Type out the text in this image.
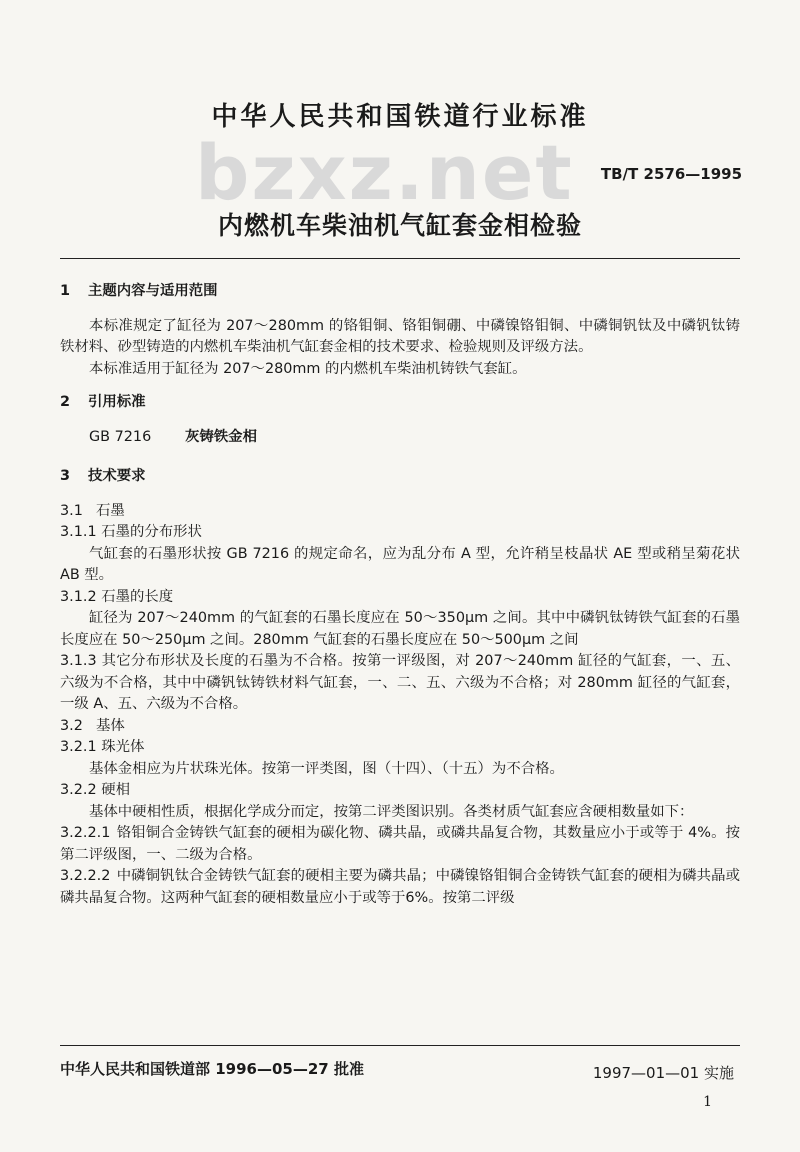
bzxz.net
中华人民共和国铁道行业标准
TB/T 2576—1995
内燃机车柴油机气缸套金相检验
1 主题内容与适用范围

本标准规定了缸径为 207～280mm 的铬钼铜、铬钼铜硼、中磷镍铬钼铜、中磷铜钒钛及中磷钒钛铸铁材料、砂型铸造的内燃机车柴油机气缸套金相的技术要求、检验规则及评级方法。

本标准适用于缸径为 207～280mm 的内燃机车柴油机铸铁气套缸。

2 引用标准
GB 7216 灰铸铁金相
3 技术要求
3.1 石墨
3.1.1 石墨的分布形状

气缸套的石墨形状按 GB 7216 的规定命名，应为乱分布 A 型，允许稍呈枝晶状 AE 型或稍呈菊花状 AB 型。

3.1.2 石墨的长度

缸径为 207～240mm 的气缸套的石墨长度应在 50～350μm 之间。其中中磷钒钛铸铁气缸套的石墨长度应在 50～250μm 之间。280mm 气缸套的石墨长度应在 50～500μm 之间

3.1.3 其它分布形状及长度的石墨为不合格。按第一评级图，对 207～240mm 缸径的气缸套，一、五、六级为不合格，其中中磷钒钛铸铁材料气缸套，一、二、五、六级为不合格；对 280mm 缸径的气缸套，一级 A、五、六级为不合格。

3.2 基体
3.2.1 珠光体

基体金相应为片状珠光体。按第一评类图，图（十四）、（十五）为不合格。

3.2.2 硬相

基体中硬相性质，根据化学成分而定，按第二评类图识别。各类材质气缸套应含硬相数量如下：

3.2.2.1 铬钼铜合金铸铁气缸套的硬相为碳化物、磷共晶，或磷共晶复合物，其数量应小于或等于 4%。按第二评级图，一、二级为合格。

3.2.2.2 中磷铜钒钛合金铸铁气缸套的硬相主要为磷共晶；中磷镍铬钼铜合金铸铁气缸套的硬相为磷共晶或磷共晶复合物。这两种气缸套的硬相数量应小于或等于6%。按第二评级

中华人民共和国铁道部 1996—05—27 批准	1997—01—01 实施
1
